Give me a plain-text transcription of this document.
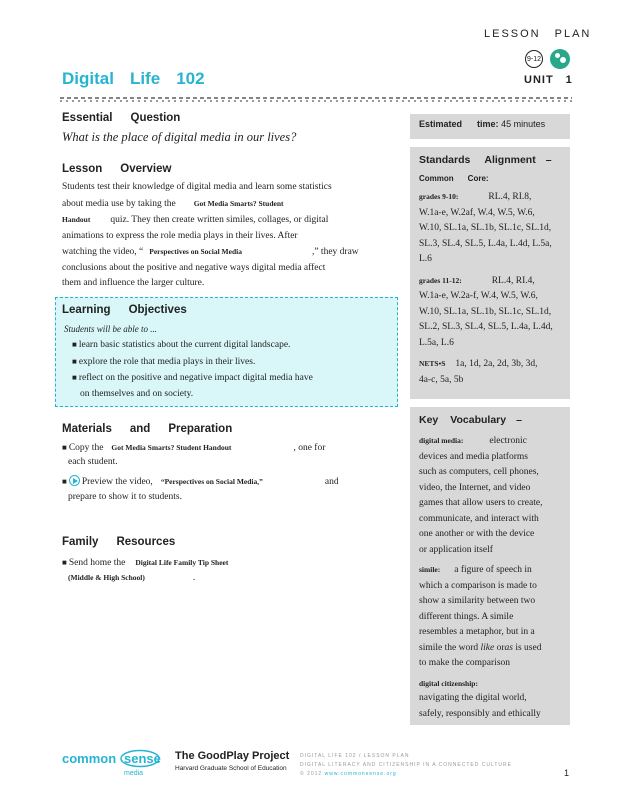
LESSON PLAN
9-12
UNIT 1
Digital Life 102
Essential Question
What is the place of digital media in our lives?
Lesson Overview
Students test their knowledge of digital media and learn some statistics
about media use by taking the Got Media Smarts? Student
Handout quiz. They then create written similes, collages, or digital
animations to express the role media plays in their lives. After
watching the video, “ Perspectives on Social Media	,” they draw
conclusions about the positive and negative ways digital media affect
them and influence the larger culture.
Learning Objectives
Students will be able to ...
■ learn basic statistics about the current digital landscape.
■ explore the role that media plays in their lives.
■ reflect on the positive and negative impact digital media have
on themselves and on society.
Materials and Preparation
■ Copy the Got Media Smarts? Student Handout	, one for
each student.
■ Preview the video, “Perspectives on Social Media,”	and
prepare to show it to students.
Family Resources
■ Send home the Digital Life Family Tip Sheet
(Middle & High School)	.
Estimated time: 45 minutes
Standards Alignment –
Common Core:
grades 9-10:	RL.4, RI.8,
W.1a-e, W.2af, W.4, W.5, W.6,
W.10, SL.1a, SL.1b, SL.1c, SL.1d,
SL.3, SL.4, SL.5, L.4a, L.4d, L.5a,
L.6
grades 11-12:	RL.4, RI.4,
W.1a-e, W.2a-f, W.4, W.5, W.6,
W.10, SL.1a, SL.1b, SL.1c, SL.1d,
SL.2, SL.3, SL.4, SL.5, L.4a, L.4d,
L.5a, L.6
NETS•S 1a, 1d, 2a, 2d, 3b, 3d,
4a-c, 5a, 5b
Key Vocabulary –
digital media:	electronic
devices and media platforms
such as computers, cell phones,
video, the Internet, and video
games that allow users to create,
communicate, and interact with
one another or with the device
or application itself
simile: a figure of speech in
which a comparison is made to
show a similarity between two
different things. A simile
resembles a metaphor, but in a
simile the word like oras is used
to make the comparison
digital citizenship:
navigating the digital world,
safely, responsibly and ethically
common sense
media
The GoodPlay Project
Harvard Graduate School of Education
DIGITAL LIFE 102 / LESSON PLAN
DIGITAL LITERACY AND CITIZENSHIP IN A CONNECTED CULTURE
© 2012 www.commonsense.org	1
